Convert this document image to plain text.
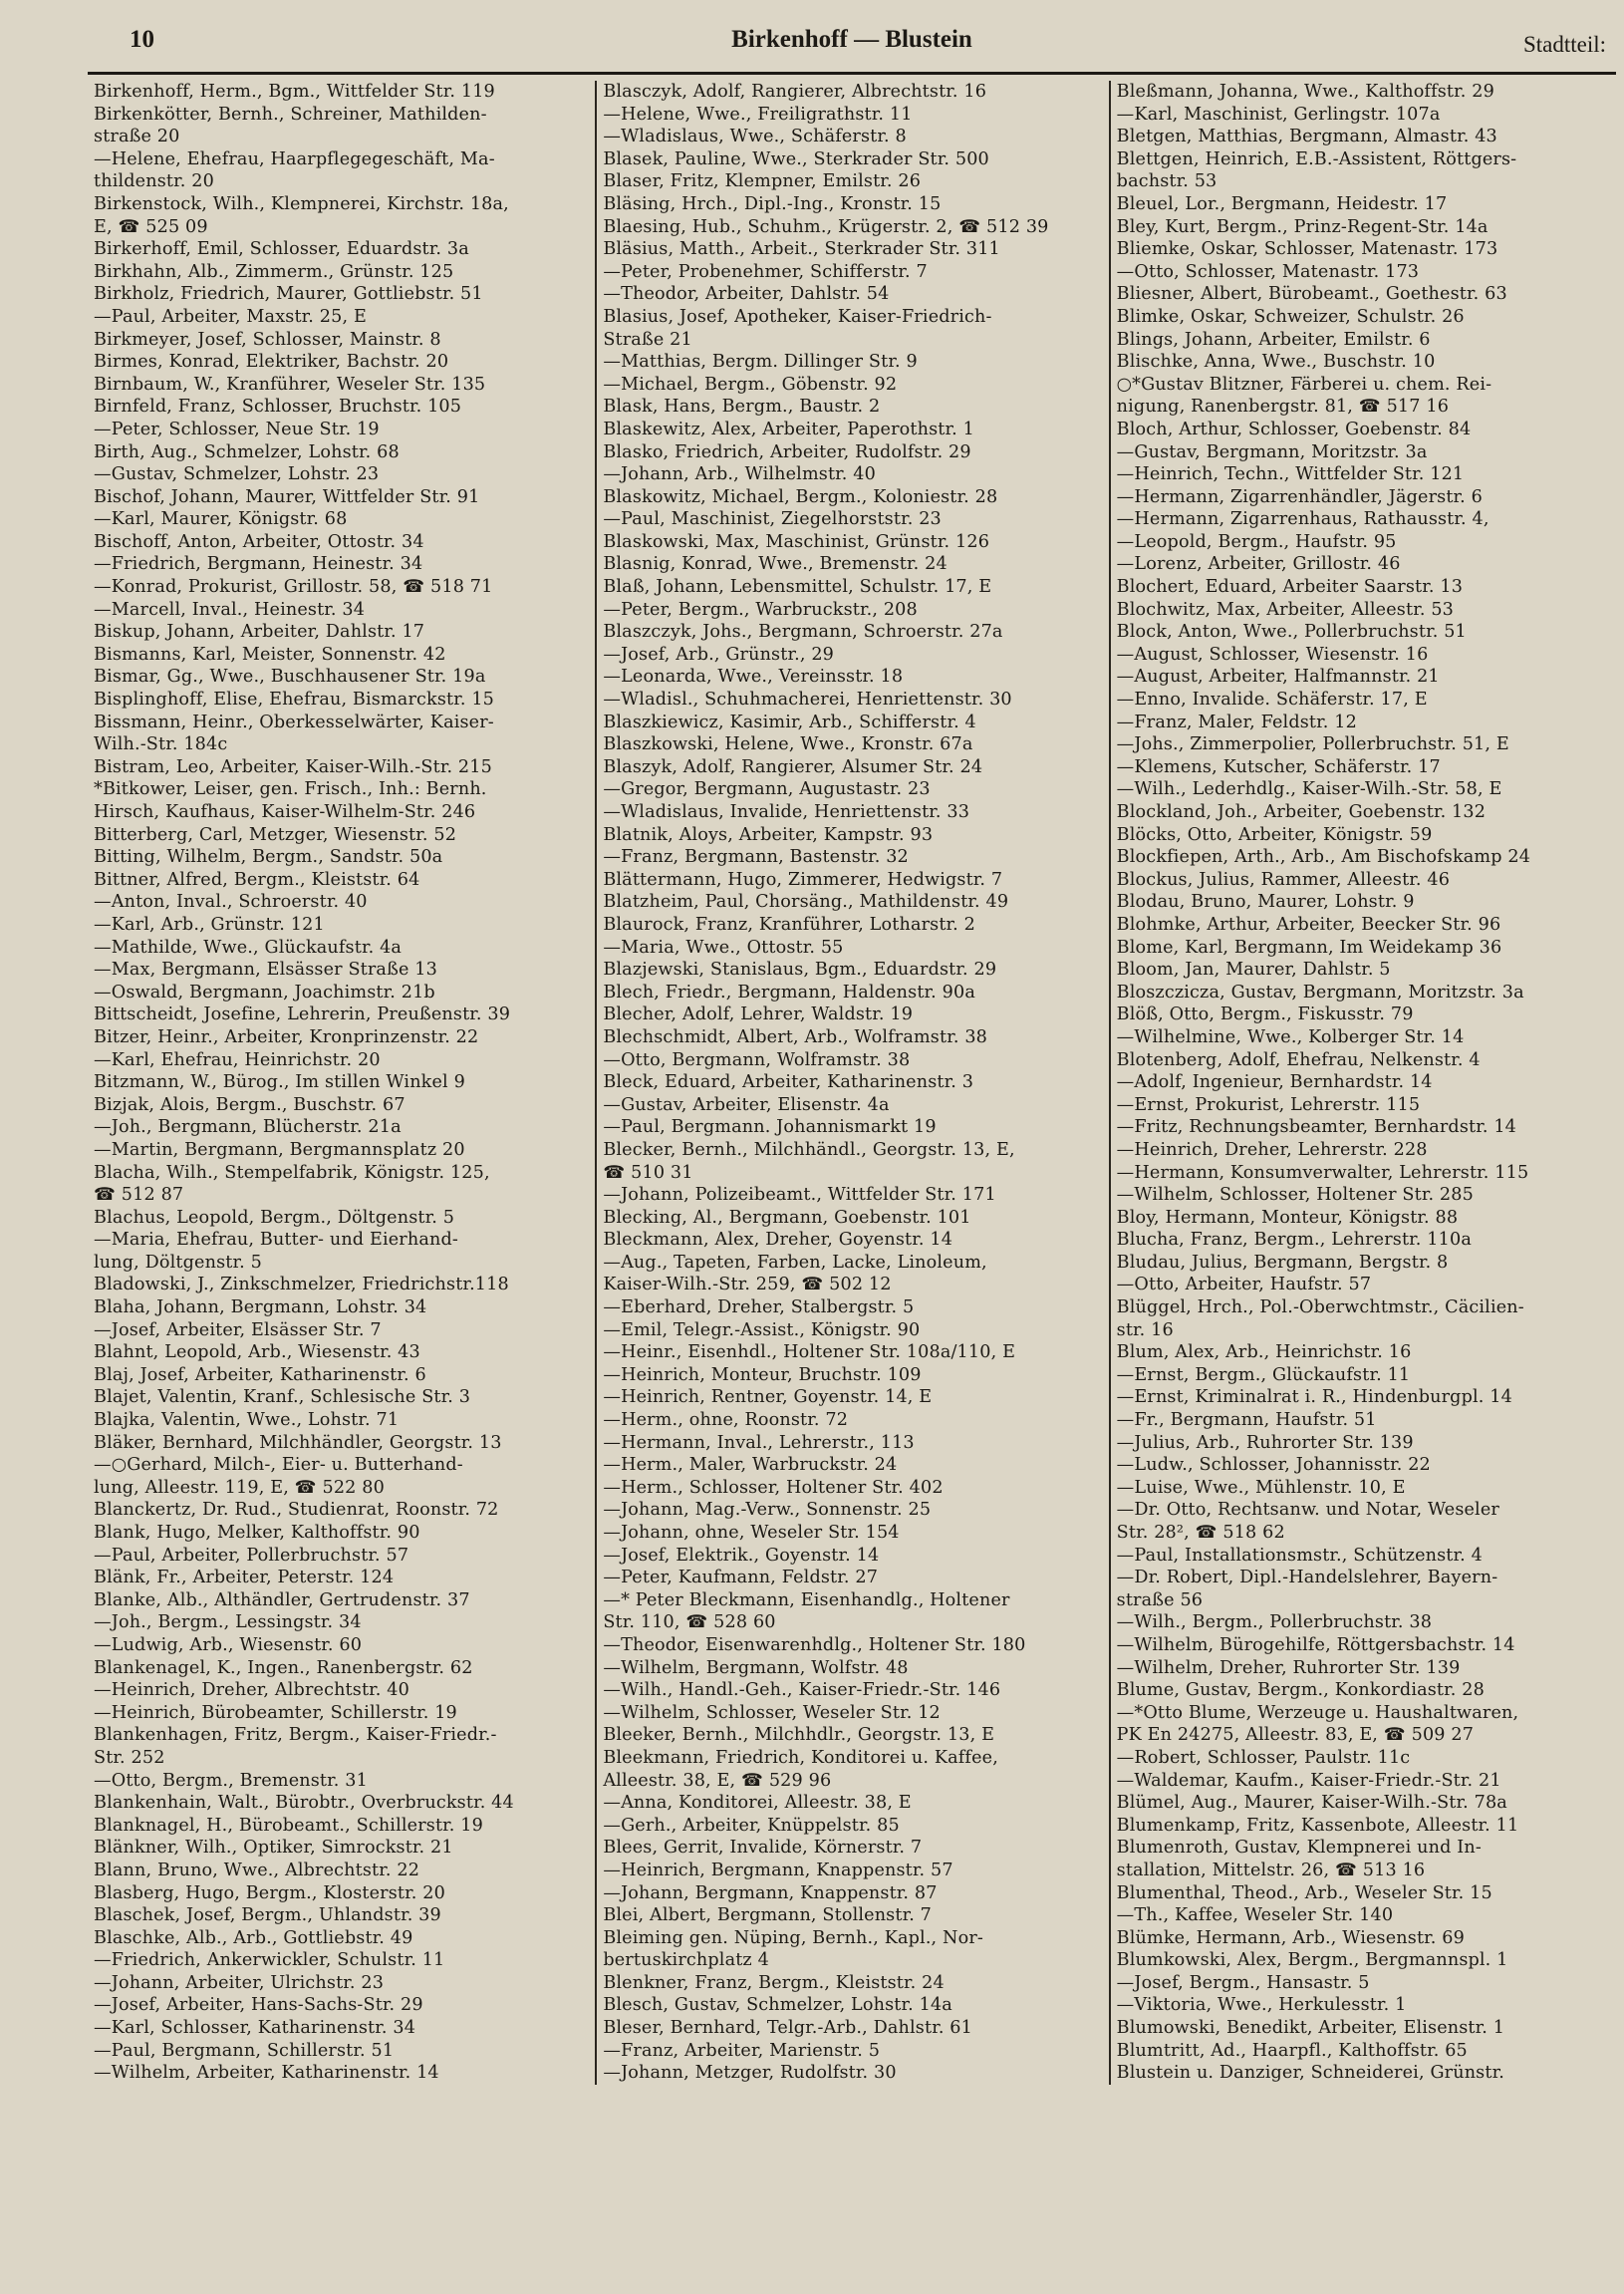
10	Birkenhoff — Blustein	Stadtteil:
Birkenhoff, Herm., Bgm., Wittfelder Str. 119
Birkenkötter, Bernh., Schreiner, Mathilden-
straße 20
—Helene, Ehefrau, Haarpflegegeschäft, Ma-
thildenstr. 20
Birkenstock, Wilh., Klempnerei, Kirchstr. 18a,
E, ☎ 525 09
Birkerhoff, Emil, Schlosser, Eduardstr. 3a
Birkhahn, Alb., Zimmerm., Grünstr. 125
Birkholz, Friedrich, Maurer, Gottliebstr. 51
—Paul, Arbeiter, Maxstr. 25, E
Birkmeyer, Josef, Schlosser, Mainstr. 8
Birmes, Konrad, Elektriker, Bachstr. 20
Birnbaum, W., Kranführer, Weseler Str. 135
Birnfeld, Franz, Schlosser, Bruchstr. 105
—Peter, Schlosser, Neue Str. 19
Birth, Aug., Schmelzer, Lohstr. 68
—Gustav, Schmelzer, Lohstr. 23
Bischof, Johann, Maurer, Wittfelder Str. 91
—Karl, Maurer, Königstr. 68
Bischoff, Anton, Arbeiter, Ottostr. 34
—Friedrich, Bergmann, Heinestr. 34
—Konrad, Prokurist, Grillostr. 58, ☎ 518 71
—Marcell, Inval., Heinestr. 34
Biskup, Johann, Arbeiter, Dahlstr. 17
Bismanns, Karl, Meister, Sonnenstr. 42
Bismar, Gg., Wwe., Buschhausener Str. 19a
Bisplinghoff, Elise, Ehefrau, Bismarckstr. 15
Bissmann, Heinr., Oberkesselwärter, Kaiser-
Wilh.-Str. 184c
Bistram, Leo, Arbeiter, Kaiser-Wilh.-Str. 215
*Bitkower, Leiser, gen. Frisch., Inh.: Bernh.
Hirsch, Kaufhaus, Kaiser-Wilhelm-Str. 246
Bitterberg, Carl, Metzger, Wiesenstr. 52
Bitting, Wilhelm, Bergm., Sandstr. 50a
Bittner, Alfred, Bergm., Kleiststr. 64
—Anton, Inval., Schroerstr. 40
—Karl, Arb., Grünstr. 121
—Mathilde, Wwe., Glückaufstr. 4a
—Max, Bergmann, Elsässer Straße 13
—Oswald, Bergmann, Joachimstr. 21b
Bittscheidt, Josefine, Lehrerin, Preußenstr. 39
Bitzer, Heinr., Arbeiter, Kronprinzenstr. 22
—Karl, Ehefrau, Heinrichstr. 20
Bitzmann, W., Bürog., Im stillen Winkel 9
Bizjak, Alois, Bergm., Buschstr. 67
—Joh., Bergmann, Blücherstr. 21a
—Martin, Bergmann, Bergmannsplatz 20
Blacha, Wilh., Stempelfabrik, Königstr. 125,
☎ 512 87
Blachus, Leopold, Bergm., Döltgenstr. 5
—Maria, Ehefrau, Butter- und Eierhand-
lung, Döltgenstr. 5
Bladowski, J., Zinkschmelzer, Friedrichstr.118
Blaha, Johann, Bergmann, Lohstr. 34
—Josef, Arbeiter, Elsässer Str. 7
Blahnt, Leopold, Arb., Wiesenstr. 43
Blaj, Josef, Arbeiter, Katharinenstr. 6
Blajet, Valentin, Kranf., Schlesische Str. 3
Blajka, Valentin, Wwe., Lohstr. 71
Bläker, Bernhard, Milchhändler, Georgstr. 13
—○Gerhard, Milch-, Eier- u. Butterhand-
lung, Alleestr. 119, E, ☎ 522 80
Blanckertz, Dr. Rud., Studienrat, Roonstr. 72
Blank, Hugo, Melker, Kalthoffstr. 90
—Paul, Arbeiter, Pollerbruchstr. 57
Blänk, Fr., Arbeiter, Peterstr. 124
Blanke, Alb., Althändler, Gertrudenstr. 37
—Joh., Bergm., Lessingstr. 34
—Ludwig, Arb., Wiesenstr. 60
Blankenagel, K., Ingen., Ranenbergstr. 62
—Heinrich, Dreher, Albrechtstr. 40
—Heinrich, Bürobeamter, Schillerstr. 19
Blankenhagen, Fritz, Bergm., Kaiser-Friedr.-
Str. 252
—Otto, Bergm., Bremenstr. 31
Blankenhain, Walt., Bürobtr., Overbruckstr. 44
Blanknagel, H., Bürobeamt., Schillerstr. 19
Blänkner, Wilh., Optiker, Simrockstr. 21
Blann, Bruno, Wwe., Albrechtstr. 22
Blasberg, Hugo, Bergm., Klosterstr. 20
Blaschek, Josef, Bergm., Uhlandstr. 39
Blaschke, Alb., Arb., Gottliebstr. 49
—Friedrich, Ankerwickler, Schulstr. 11
—Johann, Arbeiter, Ulrichstr. 23
—Josef, Arbeiter, Hans-Sachs-Str. 29
—Karl, Schlosser, Katharinenstr. 34
—Paul, Bergmann, Schillerstr. 51
—Wilhelm, Arbeiter, Katharinenstr. 14
Blasczyk, Adolf, Rangierer, Albrechtstr. 16
—Helene, Wwe., Freiligrathstr. 11
—Wladislaus, Wwe., Schäferstr. 8
Blasek, Pauline, Wwe., Sterkrader Str. 500
Blaser, Fritz, Klempner, Emilstr. 26
Bläsing, Hrch., Dipl.-Ing., Kronstr. 15
Blaesing, Hub., Schuhm., Krügerstr. 2, ☎ 512 39
Bläsius, Matth., Arbeit., Sterkrader Str. 311
—Peter, Probenehmer, Schifferstr. 7
—Theodor, Arbeiter, Dahlstr. 54
Blasius, Josef, Apotheker, Kaiser-Friedrich-
Straße 21
—Matthias, Bergm. Dillinger Str. 9
—Michael, Bergm., Göbenstr. 92
Blask, Hans, Bergm., Baustr. 2
Blaskewitz, Alex, Arbeiter, Paperothstr. 1
Blasko, Friedrich, Arbeiter, Rudolfstr. 29
—Johann, Arb., Wilhelmstr. 40
Blaskowitz, Michael, Bergm., Koloniestr. 28
—Paul, Maschinist, Ziegelhorststr. 23
Blaskowski, Max, Maschinist, Grünstr. 126
Blasnig, Konrad, Wwe., Bremenstr. 24
Blaß, Johann, Lebensmittel, Schulstr. 17, E
—Peter, Bergm., Warbruckstr., 208
Blaszczyk, Johs., Bergmann, Schroerstr. 27a
—Josef, Arb., Grünstr., 29
—Leonarda, Wwe., Vereinsstr. 18
—Wladisl., Schuhmacherei, Henriettenstr. 30
Blaszkiewicz, Kasimir, Arb., Schifferstr. 4
Blaszkowski, Helene, Wwe., Kronstr. 67a
Blaszyk, Adolf, Rangierer, Alsumer Str. 24
—Gregor, Bergmann, Augustastr. 23
—Wladislaus, Invalide, Henriettenstr. 33
Blatnik, Aloys, Arbeiter, Kampstr. 93
—Franz, Bergmann, Bastenstr. 32
Blättermann, Hugo, Zimmerer, Hedwigstr. 7
Blatzheim, Paul, Chorsäng., Mathildenstr. 49
Blaurock, Franz, Kranführer, Lotharstr. 2
—Maria, Wwe., Ottostr. 55
Blazjewski, Stanislaus, Bgm., Eduardstr. 29
Blech, Friedr., Bergmann, Haldenstr. 90a
Blecher, Adolf, Lehrer, Waldstr. 19
Blechschmidt, Albert, Arb., Wolframstr. 38
—Otto, Bergmann, Wolframstr. 38
Bleck, Eduard, Arbeiter, Katharinenstr. 3
—Gustav, Arbeiter, Elisenstr. 4a
—Paul, Bergmann. Johannismarkt 19
Blecker, Bernh., Milchhändl., Georgstr. 13, E,
☎ 510 31
—Johann, Polizeibeamt., Wittfelder Str. 171
Blecking, Al., Bergmann, Goebenstr. 101
Bleckmann, Alex, Dreher, Goyenstr. 14
—Aug., Tapeten, Farben, Lacke, Linoleum,
Kaiser-Wilh.-Str. 259, ☎ 502 12
—Eberhard, Dreher, Stalbergstr. 5
—Emil, Telegr.-Assist., Königstr. 90
—Heinr., Eisenhdl., Holtener Str. 108a/110, E
—Heinrich, Monteur, Bruchstr. 109
—Heinrich, Rentner, Goyenstr. 14, E
—Herm., ohne, Roonstr. 72
—Hermann, Inval., Lehrerstr., 113
—Herm., Maler, Warbruckstr. 24
—Herm., Schlosser, Holtener Str. 402
—Johann, Mag.-Verw., Sonnenstr. 25
—Johann, ohne, Weseler Str. 154
—Josef, Elektrik., Goyenstr. 14
—Peter, Kaufmann, Feldstr. 27
—* Peter Bleckmann, Eisenhandlg., Holtener
Str. 110, ☎ 528 60
—Theodor, Eisenwarenhdlg., Holtener Str. 180
—Wilhelm, Bergmann, Wolfstr. 48
—Wilh., Handl.-Geh., Kaiser-Friedr.-Str. 146
—Wilhelm, Schlosser, Weseler Str. 12
Bleeker, Bernh., Milchhdlr., Georgstr. 13, E
Bleekmann, Friedrich, Konditorei u. Kaffee,
Alleestr. 38, E, ☎ 529 96
—Anna, Konditorei, Alleestr. 38, E
—Gerh., Arbeiter, Knüppelstr. 85
Blees, Gerrit, Invalide, Körnerstr. 7
—Heinrich, Bergmann, Knappenstr. 57
—Johann, Bergmann, Knappenstr. 87
Blei, Albert, Bergmann, Stollenstr. 7
Bleiming gen. Nüping, Bernh., Kapl., Nor-
bertuskirchplatz 4
Blenkner, Franz, Bergm., Kleiststr. 24
Blesch, Gustav, Schmelzer, Lohstr. 14a
Bleser, Bernhard, Telgr.-Arb., Dahlstr. 61
—Franz, Arbeiter, Marienstr. 5
—Johann, Metzger, Rudolfstr. 30
Bleßmann, Johanna, Wwe., Kalthoffstr. 29
—Karl, Maschinist, Gerlingstr. 107a
Bletgen, Matthias, Bergmann, Almastr. 43
Blettgen, Heinrich, E.B.-Assistent, Röttgers-
bachstr. 53
Bleuel, Lor., Bergmann, Heidestr. 17
Bley, Kurt, Bergm., Prinz-Regent-Str. 14a
Bliemke, Oskar, Schlosser, Matenastr. 173
—Otto, Schlosser, Matenastr. 173
Bliesner, Albert, Bürobeamt., Goethestr. 63
Blimke, Oskar, Schweizer, Schulstr. 26
Blings, Johann, Arbeiter, Emilstr. 6
Blischke, Anna, Wwe., Buschstr. 10
○*Gustav Blitzner, Färberei u. chem. Rei-
nigung, Ranenbergstr. 81, ☎ 517 16
Bloch, Arthur, Schlosser, Goebenstr. 84
—Gustav, Bergmann, Moritzstr. 3a
—Heinrich, Techn., Wittfelder Str. 121
—Hermann, Zigarrenhändler, Jägerstr. 6
—Hermann, Zigarrenhaus, Rathausstr. 4,
—Leopold, Bergm., Haufstr. 95
—Lorenz, Arbeiter, Grillostr. 46
Blochert, Eduard, Arbeiter Saarstr. 13
Blochwitz, Max, Arbeiter, Alleestr. 53
Block, Anton, Wwe., Pollerbruchstr. 51
—August, Schlosser, Wiesenstr. 16
—August, Arbeiter, Halfmannstr. 21
—Enno, Invalide. Schäferstr. 17, E
—Franz, Maler, Feldstr. 12
—Johs., Zimmerpolier, Pollerbruchstr. 51, E
—Klemens, Kutscher, Schäferstr. 17
—Wilh., Lederhdlg., Kaiser-Wilh.-Str. 58, E
Blockland, Joh., Arbeiter, Goebenstr. 132
Blöcks, Otto, Arbeiter, Königstr. 59
Blockfiepen, Arth., Arb., Am Bischofskamp 24
Blockus, Julius, Rammer, Alleestr. 46
Blodau, Bruno, Maurer, Lohstr. 9
Blohmke, Arthur, Arbeiter, Beecker Str. 96
Blome, Karl, Bergmann, Im Weidekamp 36
Bloom, Jan, Maurer, Dahlstr. 5
Bloszczicza, Gustav, Bergmann, Moritzstr. 3a
Blöß, Otto, Bergm., Fiskusstr. 79
—Wilhelmine, Wwe., Kolberger Str. 14
Blotenberg, Adolf, Ehefrau, Nelkenstr. 4
—Adolf, Ingenieur, Bernhardstr. 14
—Ernst, Prokurist, Lehrerstr. 115
—Fritz, Rechnungsbeamter, Bernhardstr. 14
—Heinrich, Dreher, Lehrerstr. 228
—Hermann, Konsumverwalter, Lehrerstr. 115
—Wilhelm, Schlosser, Holtener Str. 285
Bloy, Hermann, Monteur, Königstr. 88
Blucha, Franz, Bergm., Lehrerstr. 110a
Bludau, Julius, Bergmann, Bergstr. 8
—Otto, Arbeiter, Haufstr. 57
Blüggel, Hrch., Pol.-Oberwchtmstr., Cäcilien-
str. 16
Blum, Alex, Arb., Heinrichstr. 16
—Ernst, Bergm., Glückaufstr. 11
—Ernst, Kriminalrat i. R., Hindenburgpl. 14
—Fr., Bergmann, Haufstr. 51
—Julius, Arb., Ruhrorter Str. 139
—Ludw., Schlosser, Johannisstr. 22
—Luise, Wwe., Mühlenstr. 10, E
—Dr. Otto, Rechtsanw. und Notar, Weseler
Str. 28², ☎ 518 62
—Paul, Installationsmstr., Schützenstr. 4
—Dr. Robert, Dipl.-Handelslehrer, Bayern-
straße 56
—Wilh., Bergm., Pollerbruchstr. 38
—Wilhelm, Bürogehilfe, Röttgersbachstr. 14
—Wilhelm, Dreher, Ruhrorter Str. 139
Blume, Gustav, Bergm., Konkordiastr. 28
—*Otto Blume, Werzeuge u. Haushaltwaren,
PK En 24275, Alleestr. 83, E, ☎ 509 27
—Robert, Schlosser, Paulstr. 11c
—Waldemar, Kaufm., Kaiser-Friedr.-Str. 21
Blümel, Aug., Maurer, Kaiser-Wilh.-Str. 78a
Blumenkamp, Fritz, Kassenbote, Alleestr. 11
Blumenroth, Gustav, Klempnerei und In-
stallation, Mittelstr. 26, ☎ 513 16
Blumenthal, Theod., Arb., Weseler Str. 15
—Th., Kaffee, Weseler Str. 140
Blümke, Hermann, Arb., Wiesenstr. 69
Blumkowski, Alex, Bergm., Bergmannspl. 1
—Josef, Bergm., Hansastr. 5
—Viktoria, Wwe., Herkulesstr. 1
Blumowski, Benedikt, Arbeiter, Elisenstr. 1
Blumtritt, Ad., Haarpfl., Kalthoffstr. 65
Blustein u. Danziger, Schneiderei, Grünstr.
